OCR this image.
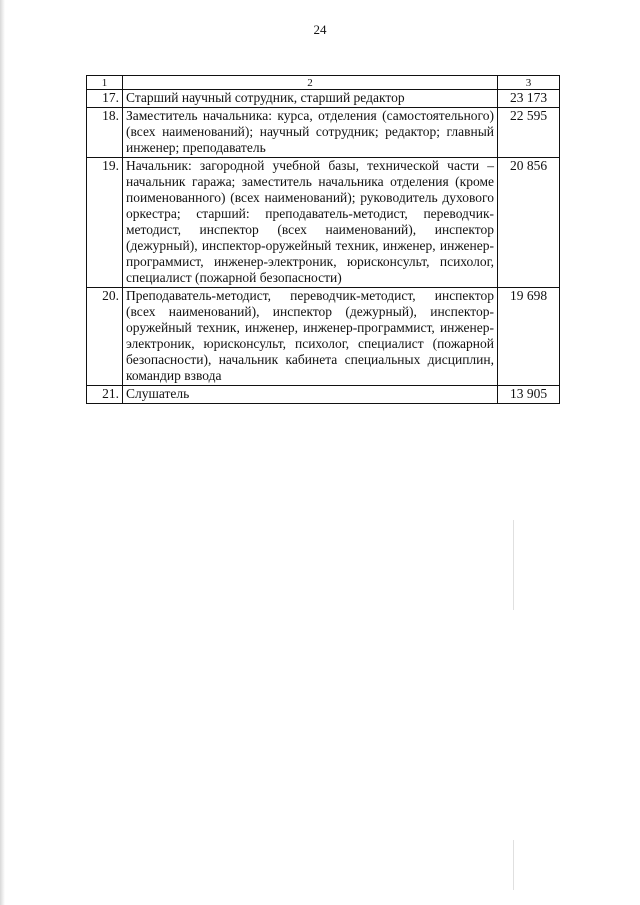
24
1	2	3
17.	Старший научный сотрудник, старший редактор	23 173
18.	Заместитель начальника: курса, отделения (самостоятельного) (всех наименований); научный сотрудник; редактор; главный инженер; преподаватель	22 595
19.	Начальник: загородной учебной базы, технической части – начальник гаража; заместитель начальника отделения (кроме поименованного) (всех наименований); руководитель духового оркестра; старший: преподаватель-методист, переводчик-методист, инспектор (всех наименований), инспектор (дежурный), инспектор-оружейный техник, инженер, инженер-программист, инженер-электроник, юрисконсульт, психолог, специалист (пожарной безопасности)	20 856
20.	Преподаватель-методист, переводчик-методист, инспектор (всех наименований), инспектор (дежурный), инспектор-оружейный техник, инженер, инженер-программист, инженер-электроник, юрисконсульт, психолог, специалист (пожарной безопасности), начальник кабинета специальных дисциплин, командир взвода	19 698
21.	Слушатель	13 905
